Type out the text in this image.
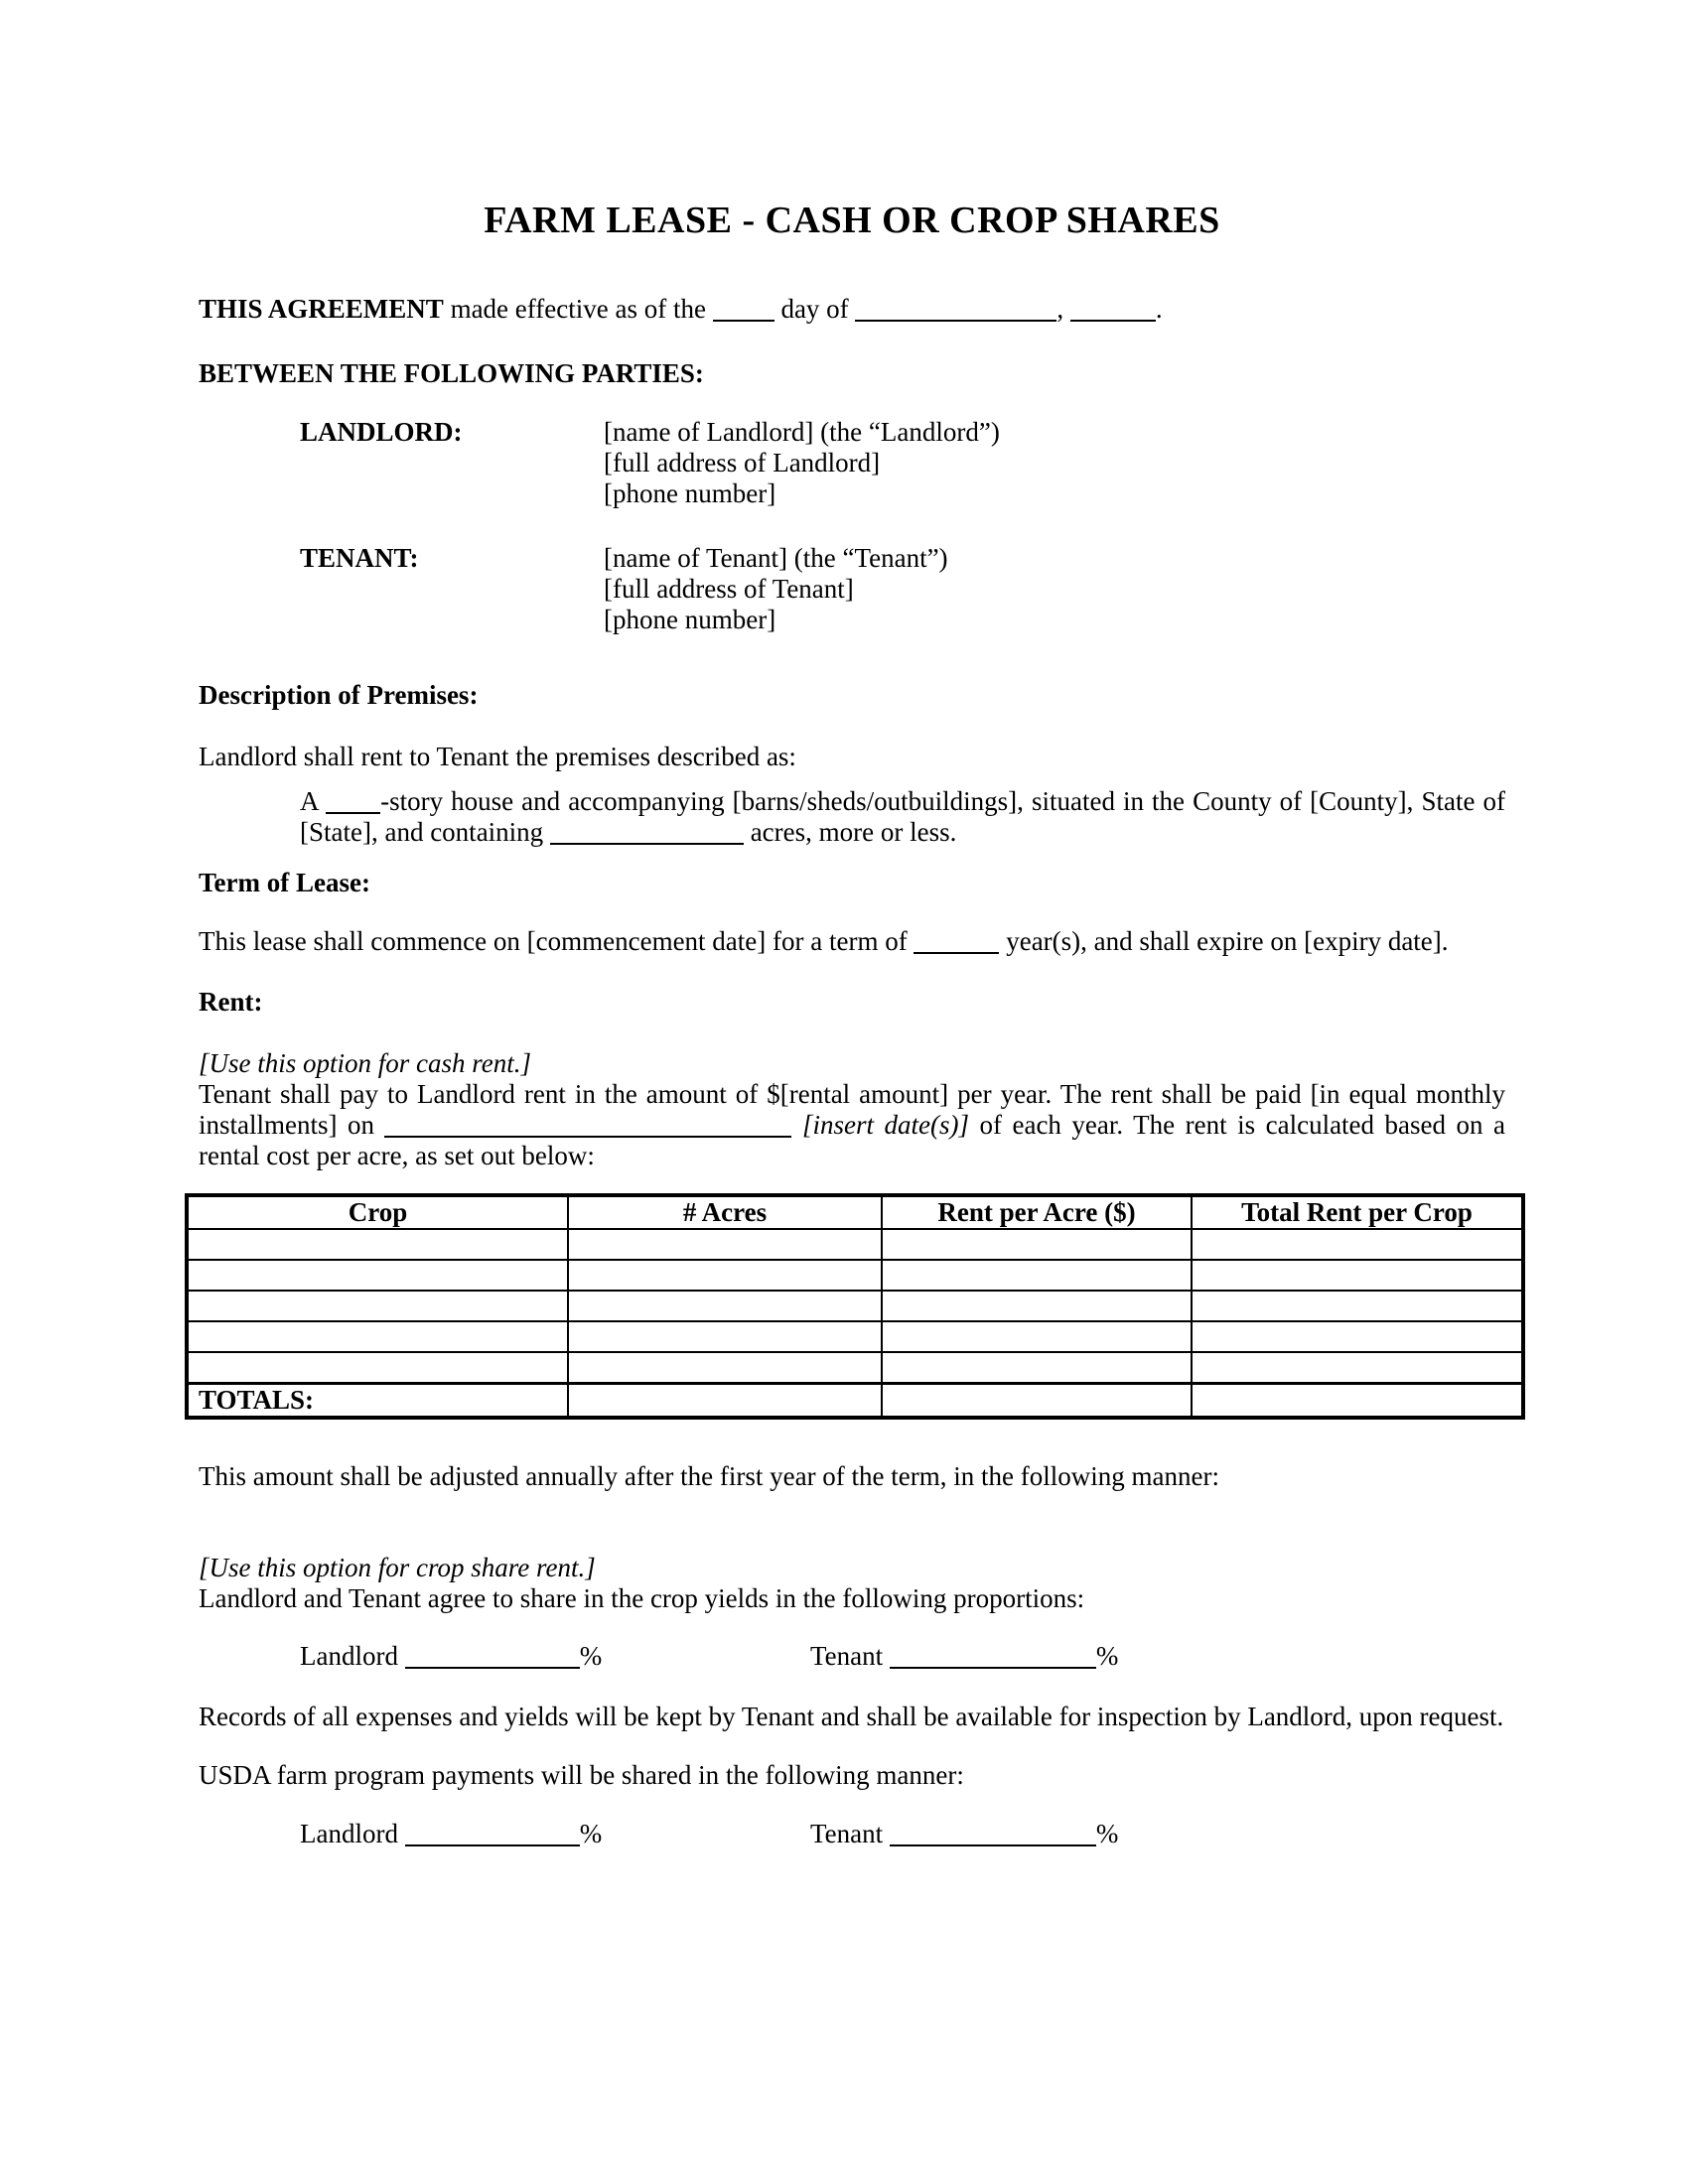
FARM LEASE - CASH OR CROP SHARES

THIS AGREEMENT made effective as of the	day of	,	.

BETWEEN THE FOLLOWING PARTIES:

LANDLORD:	[name of Landlord] (the “Landlord”)
[full address of Landlord]
[phone number]
TENANT:	[name of Tenant] (the “Tenant”)
[full address of Tenant]
[phone number]

Description of Premises:

Landlord shall rent to Tenant the premises described as:

A -story house and accompanying [barns/sheds/outbuildings], situated in the County of [County], State of [State], and containing	acres, more or less.

Term of Lease:

This lease shall commence on [commencement date] for a term of	year(s), and shall expire on [expiry date].

Rent:

[Use this option for cash rent.]

Tenant shall pay to Landlord rent in the amount of $[rental amount] per year. The rent shall be paid [in equal monthly installments] on	[insert date(s)] of each year. The rent is calculated based on a rental cost per acre, as set out below:

Crop	# Acres	Rent per Acre ($)	Total Rent per Crop

TOTALS:			

This amount shall be adjusted annually after the first year of the term, in the following manner:

[Use this option for crop share rent.]

Landlord and Tenant agree to share in the crop yields in the following proportions:

Landlord	%	Tenant	%

Records of all expenses and yields will be kept by Tenant and shall be available for inspection by Landlord, upon request.

USDA farm program payments will be shared in the following manner:

Landlord	%	Tenant	%
